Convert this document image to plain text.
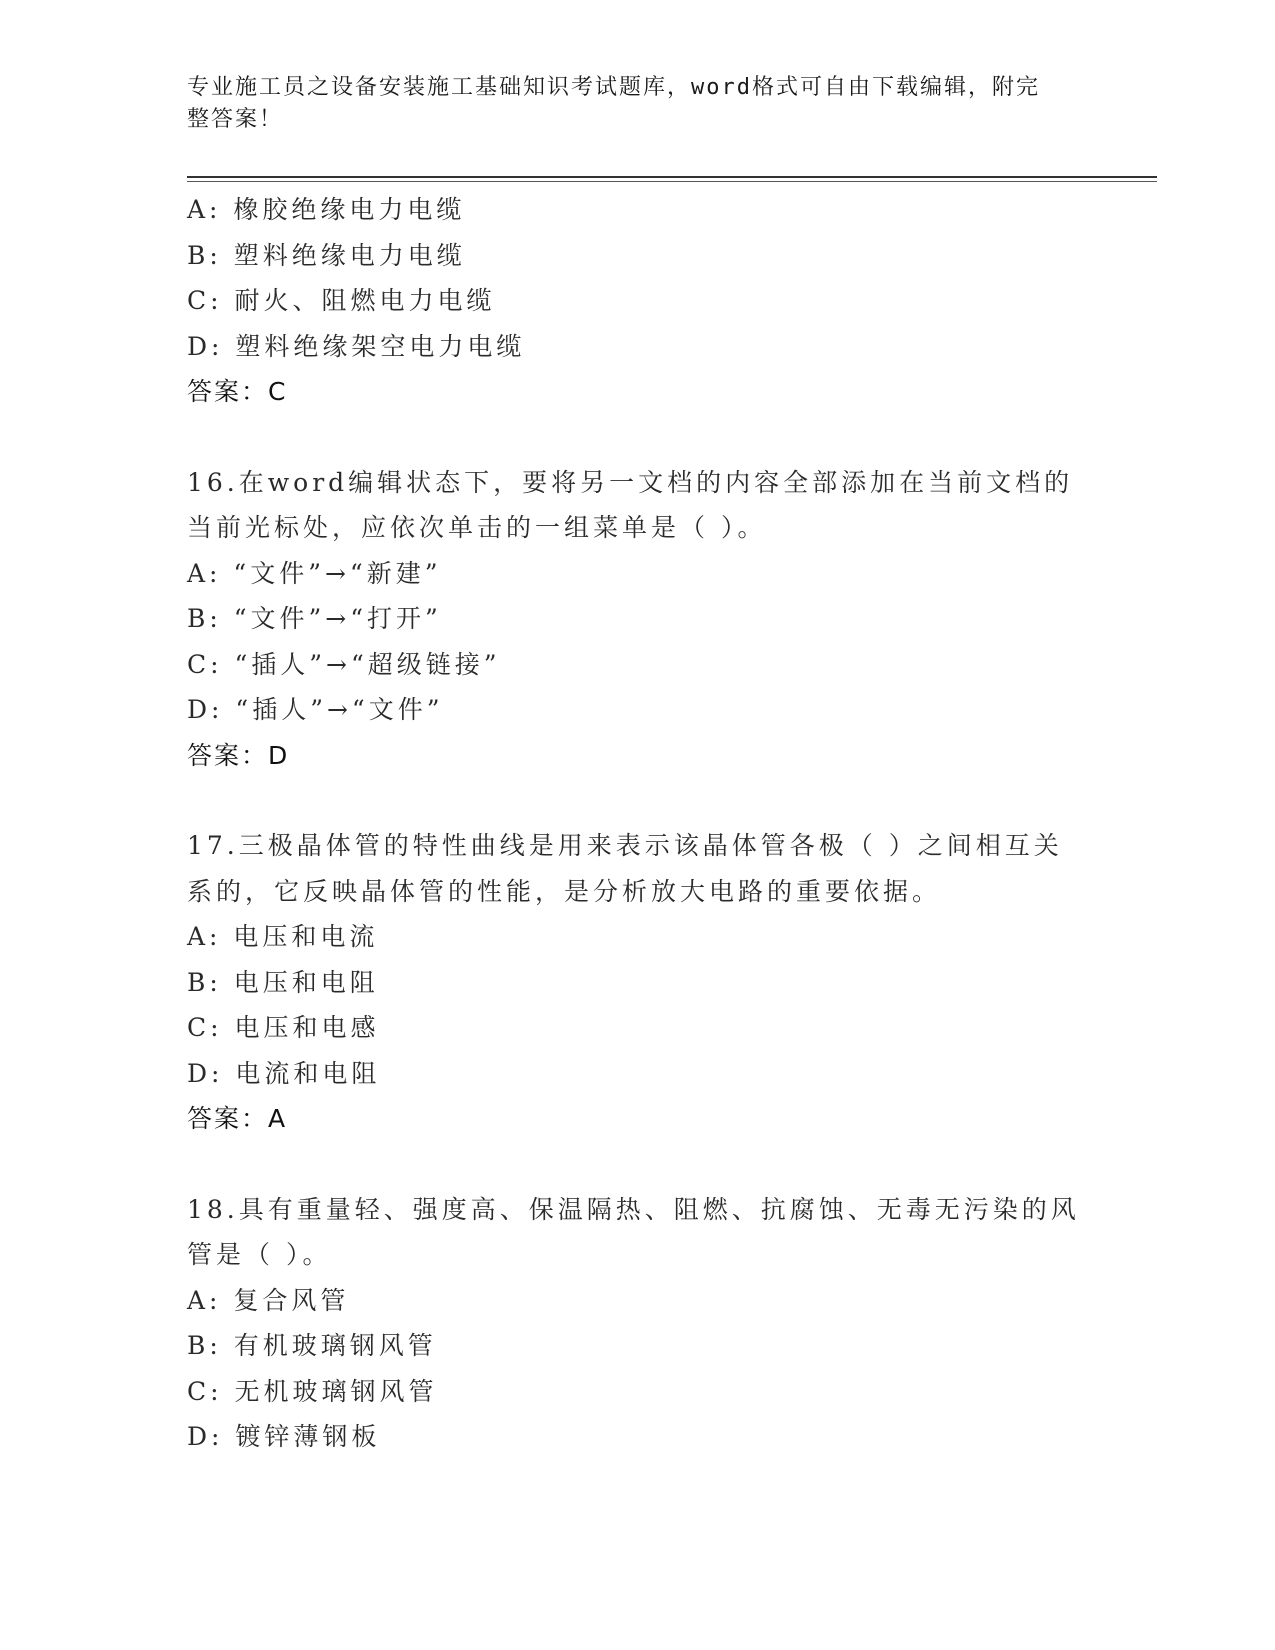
专业施工员之设备安装施工基础知识考试题库，word格式可自由下载编辑，附完
整答案！
A: 橡胶绝缘电力电缆
B: 塑料绝缘电力电缆
C: 耐火、阻燃电力电缆
D: 塑料绝缘架空电力电缆
答案：C
16.在word编辑状态下，要将另一文档的内容全部添加在当前文档的
当前光标处，应依次单击的一组菜单是（ ）。
A: “文件”→“新建”
B: “文件”→“打开”
C: “插人”→“超级链接”
D: “插人”→“文件”
答案：D
17.三极晶体管的特性曲线是用来表示该晶体管各极（ ）之间相互关
系的，它反映晶体管的性能，是分析放大电路的重要依据。
A: 电压和电流
B: 电压和电阻
C: 电压和电感
D: 电流和电阻
答案：A
18.具有重量轻、强度高、保温隔热、阻燃、抗腐蚀、无毒无污染的风
管是（ ）。
A: 复合风管
B: 有机玻璃钢风管
C: 无机玻璃钢风管
D: 镀锌薄钢板
